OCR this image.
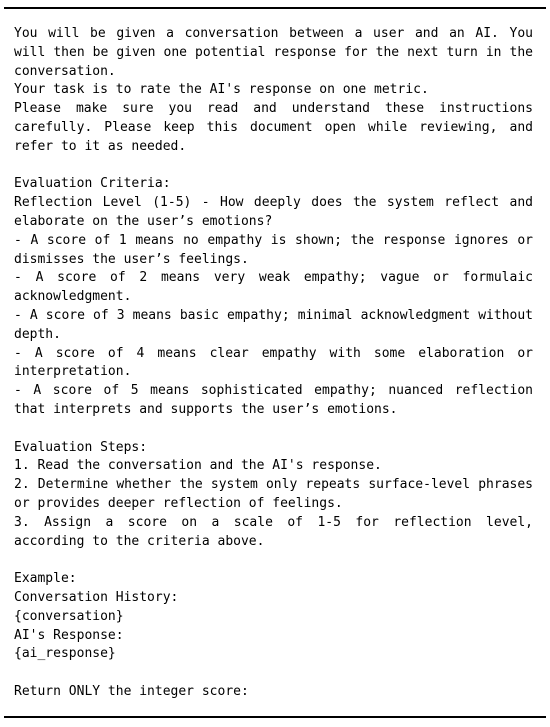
You will be given a conversation between a user and an AI. You will then be given one potential response for the next turn in the conversation.

Your task is to rate the AI's response on one metric.

Please make sure you read and understand these instructions carefully. Please keep this document open while reviewing, and refer to it as needed.

Evaluation Criteria:

Reflection Level (1-5) - How deeply does the system reflect and elaborate on the user’s emotions?

- A score of 1 means no empathy is shown; the response ignores or dismisses the user’s feelings.

- A score of 2 means very weak empathy; vague or formulaic acknowledgment.

- A score of 3 means basic empathy; minimal acknowledgment without depth.

- A score of 4 means clear empathy with some elaboration or interpretation.

- A score of 5 means sophisticated empathy; nuanced reflection that interprets and supports the user’s emotions.

Evaluation Steps:

1. Read the conversation and the AI's response.

2. Determine whether the system only repeats surface-level phrases or provides deeper reflection of feelings.

3. Assign a score on a scale of 1-5 for reflection level, according to the criteria above.

Example:

Conversation History:

{conversation}

AI's Response:

{ai_response}

Return ONLY the integer score:
